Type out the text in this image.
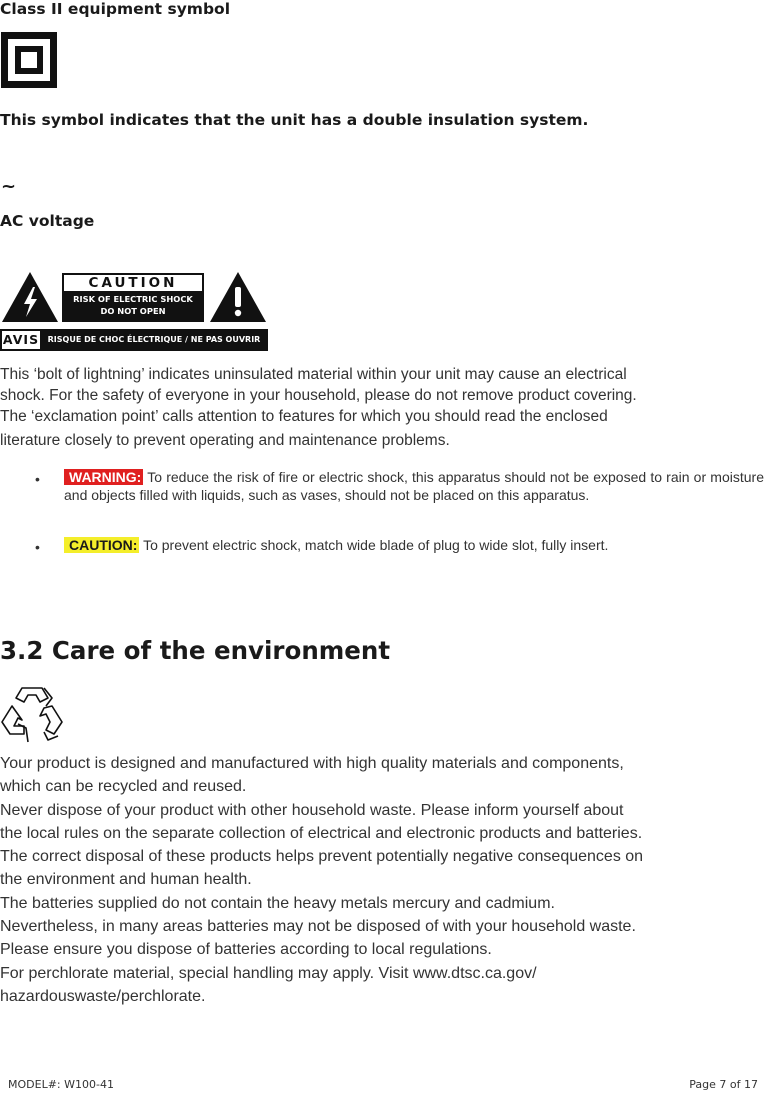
Class II equipment symbol
This symbol indicates that the unit has a double insulation system.
~
AC voltage
CAUTION
RISK OF ELECTRIC SHOCK
DO NOT OPEN
AVIS	RISQUE DE CHOC ÉLECTRIQUE / NE PAS OUVRIR
This ‘bolt of lightning’ indicates uninsulated material within your unit may cause an electrical
shock. For the safety of everyone in your household, please do not remove product covering.
The ‘exclamation point’ calls attention to features for which you should read the enclosed
literature closely to prevent operating and maintenance problems.
•	WARNING: To reduce the risk of fire or electric shock, this apparatus should not be exposed to rain or moisture and objects filled with liquids, such as vases, should not be placed on this apparatus.
•	CAUTION: To prevent electric shock, match wide blade of plug to wide slot, fully insert.
3.2 Care of the environment
Your product is designed and manufactured with high quality materials and components,
which can be recycled and reused.
Never dispose of your product with other household waste. Please inform yourself about
the local rules on the separate collection of electrical and electronic products and batteries.
The correct disposal of these products helps prevent potentially negative consequences on
the environment and human health.
The batteries supplied do not contain the heavy metals mercury and cadmium.
Nevertheless, in many areas batteries may not be disposed of with your household waste.
Please ensure you dispose of batteries according to local regulations.
For perchlorate material, special handling may apply. Visit www.dtsc.ca.gov/
hazardouswaste/perchlorate.
MODEL#: W100-41	Page 7 of 17
